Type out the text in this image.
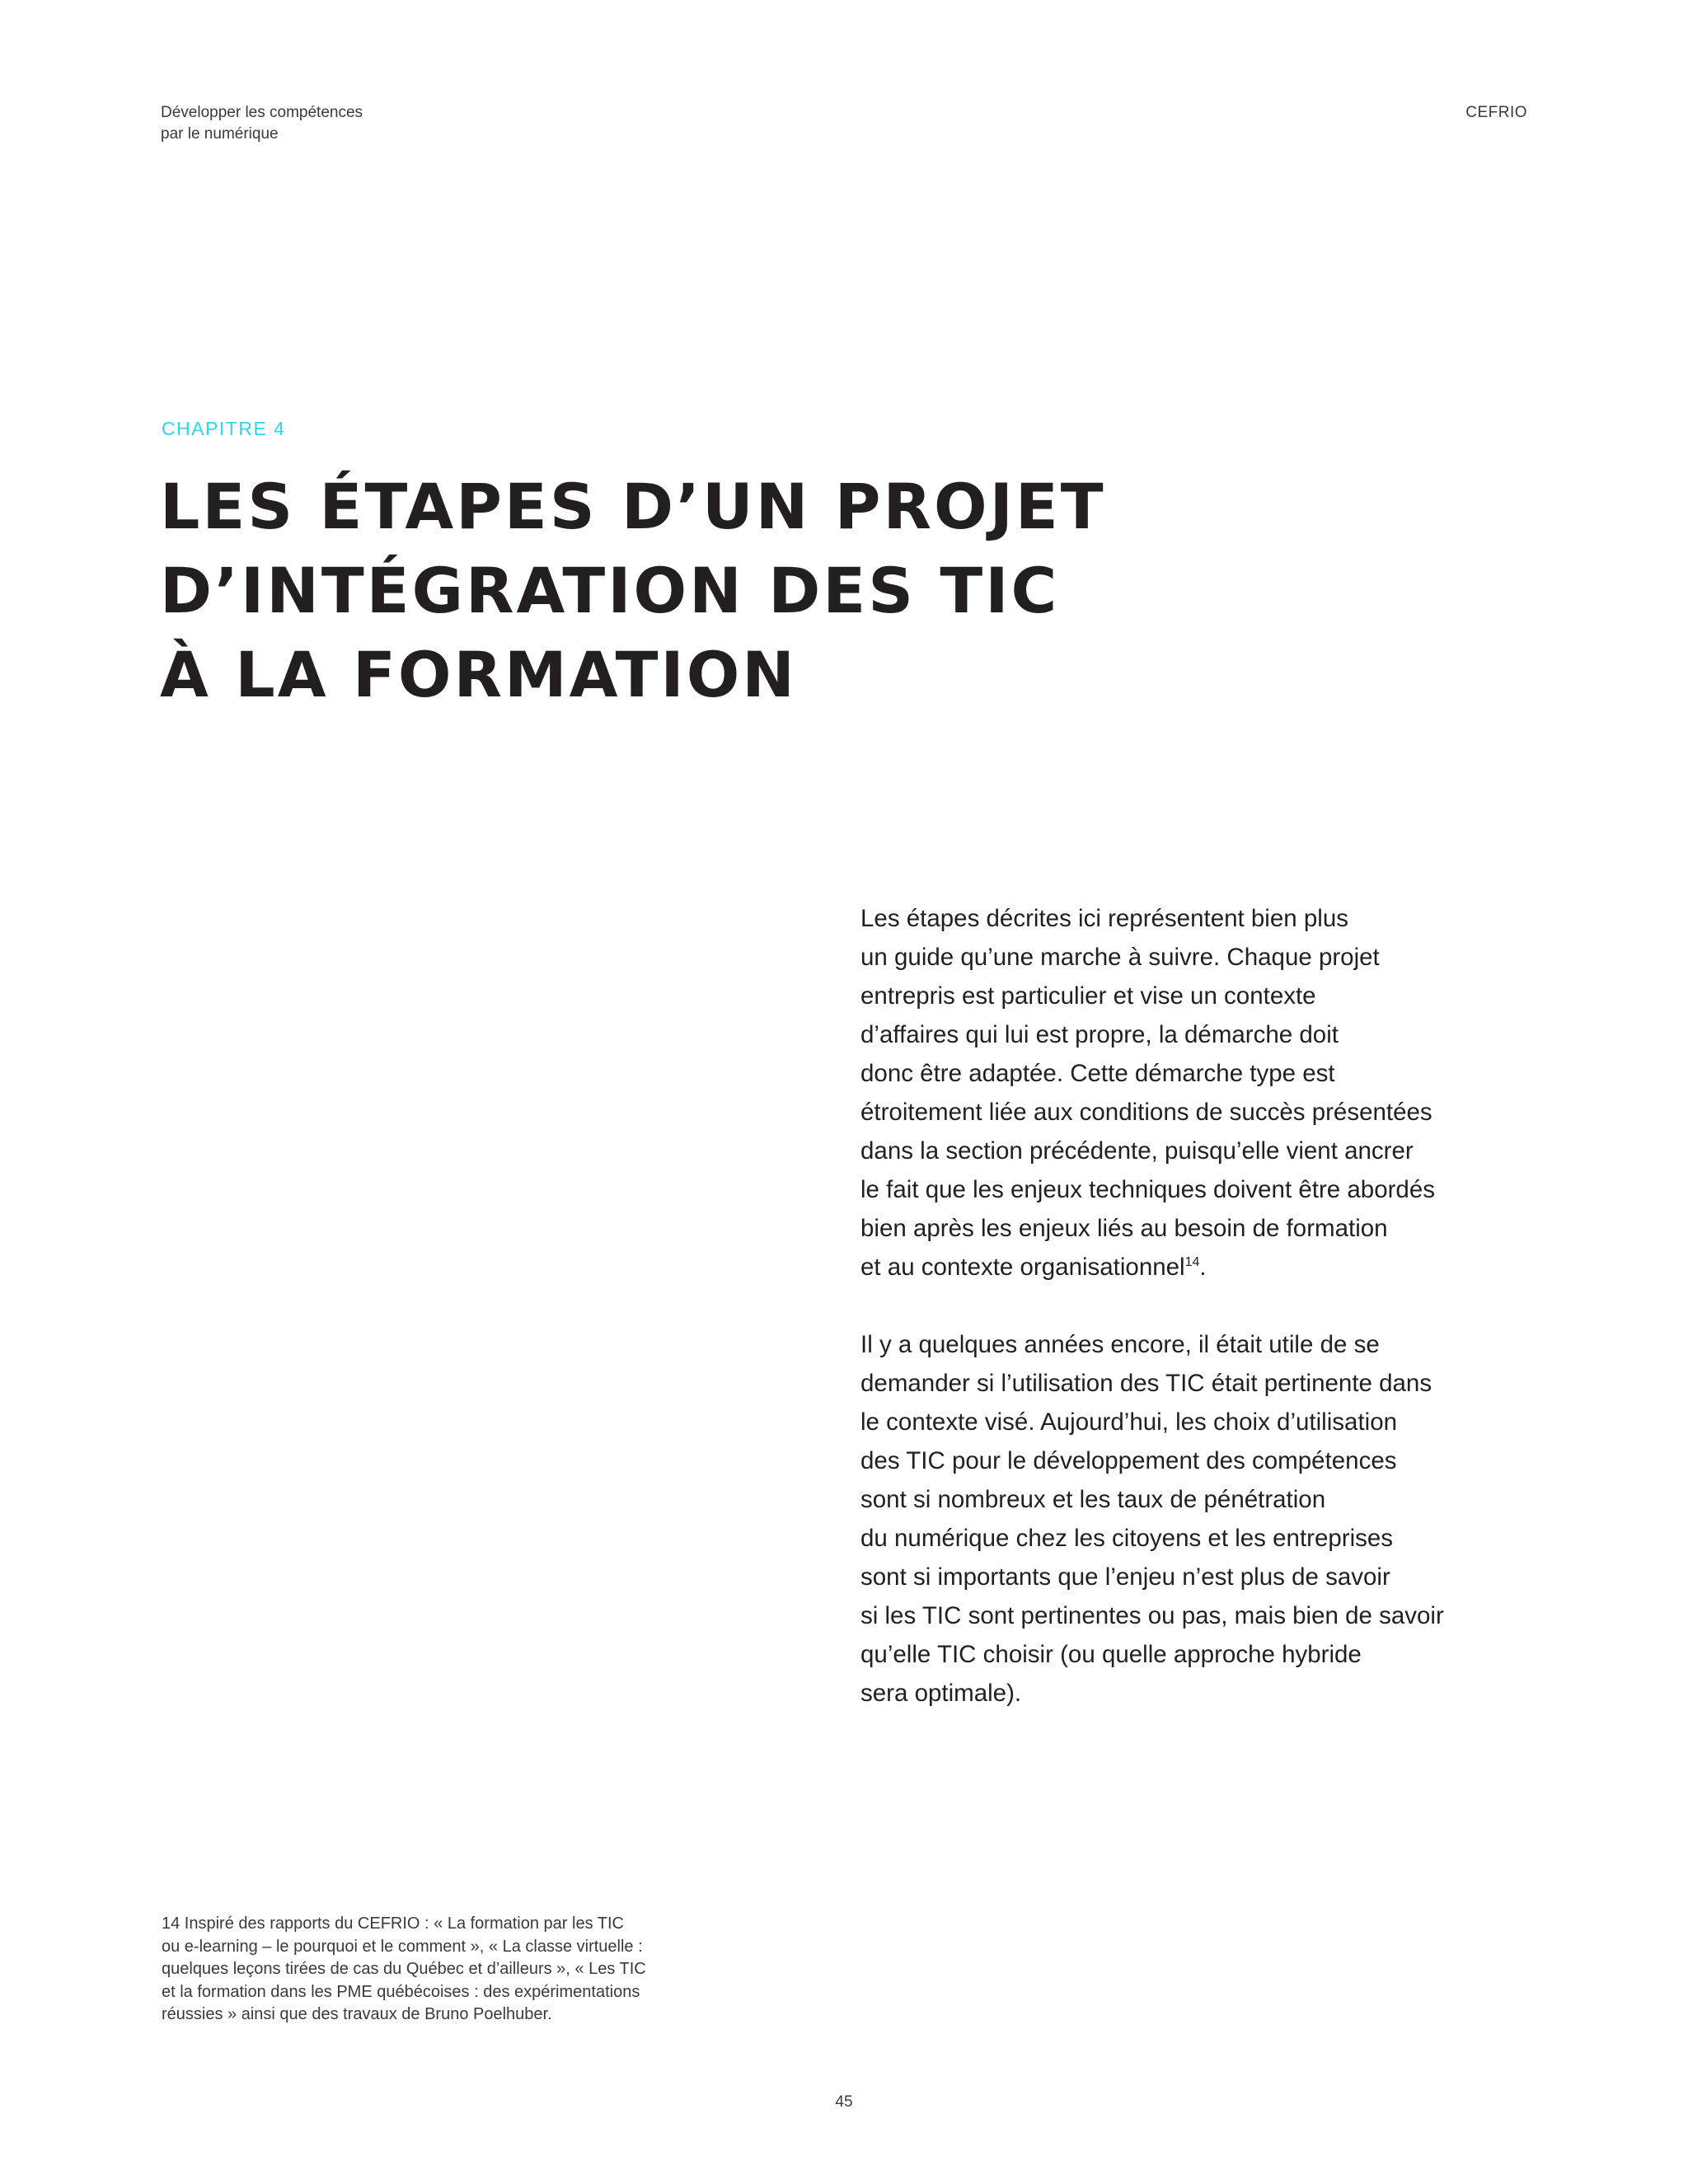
Développer les compétences
par le numérique
CEFRIO
CHAPITRE 4
LES ÉTAPES D’UN PROJET
D’INTÉGRATION DES TIC
À LA FORMATION

Les étapes décrites ici représentent bien plus
un guide qu’une marche à suivre. Chaque projet
entrepris est particulier et vise un contexte
d’affaires qui lui est propre, la démarche doit
donc être adaptée. Cette démarche type est
étroitement liée aux conditions de succès présentées
dans la section précédente, puisqu’elle vient ancrer
le fait que les enjeux techniques doivent être abordés
bien après les enjeux liés au besoin de formation
et au contexte organisationnel$^{14}$.

Il y a quelques années encore, il était utile de se
demander si l’utilisation des TIC était pertinente dans
le contexte visé. Aujourd’hui, les choix d’utilisation
des TIC pour le développement des compétences
sont si nombreux et les taux de pénétration
du numérique chez les citoyens et les entreprises
sont si importants que l’enjeu n’est plus de savoir
si les TIC sont pertinentes ou pas, mais bien de savoir
qu’elle TIC choisir (ou quelle approche hybride
sera optimale).

14 Inspiré des rapports du CEFRIO : « La formation par les TIC
ou e-learning – le pourquoi et le comment », « La classe virtuelle :
quelques leçons tirées de cas du Québec et d’ailleurs », « Les TIC
et la formation dans les PME québécoises : des expérimentations
réussies » ainsi que des travaux de Bruno Poelhuber.
45
